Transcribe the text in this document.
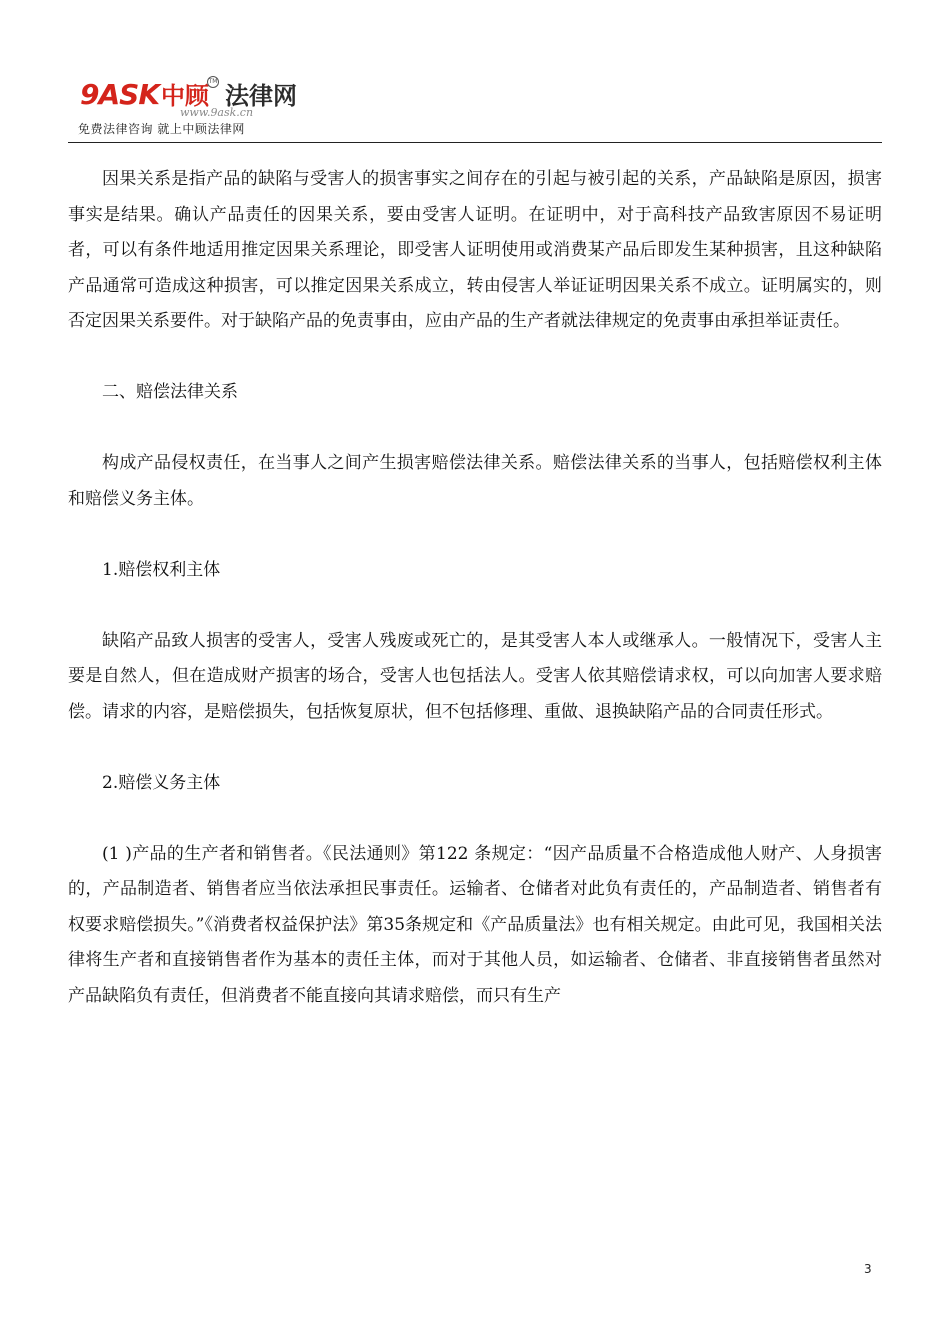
9ASK中顾TM法律网
www.9ask.cn
免费法律咨询 就上中顾法律网

因果关系是指产品的缺陷与受害人的损害事实之间存在的引起与被引起的关系，产品缺陷是原因，损害事实是结果。确认产品责任的因果关系，要由受害人证明。在证明中，对于高科技产品致害原因不易证明者，可以有条件地适用推定因果关系理论，即受害人证明使用或消费某产品后即发生某种损害，且这种缺陷产品通常可造成这种损害，可以推定因果关系成立，转由侵害人举证证明因果关系不成立。证明属实的，则否定因果关系要件。对于缺陷产品的免责事由，应由产品的生产者就法律规定的免责事由承担举证责任。

二、赔偿法律关系

构成产品侵权责任，在当事人之间产生损害赔偿法律关系。赔偿法律关系的当事人，包括赔偿权利主体和赔偿义务主体。

1.赔偿权利主体

缺陷产品致人损害的受害人，受害人残废或死亡的，是其受害人本人或继承人。一般情况下，受害人主要是自然人，但在造成财产损害的场合，受害人也包括法人。受害人依其赔偿请求权，可以向加害人要求赔偿。请求的内容，是赔偿损失，包括恢复原状，但不包括修理、重做、退换缺陷产品的合同责任形式。

2.赔偿义务主体

(1 )产品的生产者和销售者。《民法通则》第122 条规定：“因产品质量不合格造成他人财产、人身损害的，产品制造者、销售者应当依法承担民事责任。运输者、仓储者对此负有责任的，产品制造者、销售者有权要求赔偿损失。”《消费者权益保护法》第35条规定和《产品质量法》也有相关规定。由此可见，我国相关法律将生产者和直接销售者作为基本的责任主体，而对于其他人员，如运输者、仓储者、非直接销售者虽然对产品缺陷负有责任，但消费者不能直接向其请求赔偿，而只有生产

3
